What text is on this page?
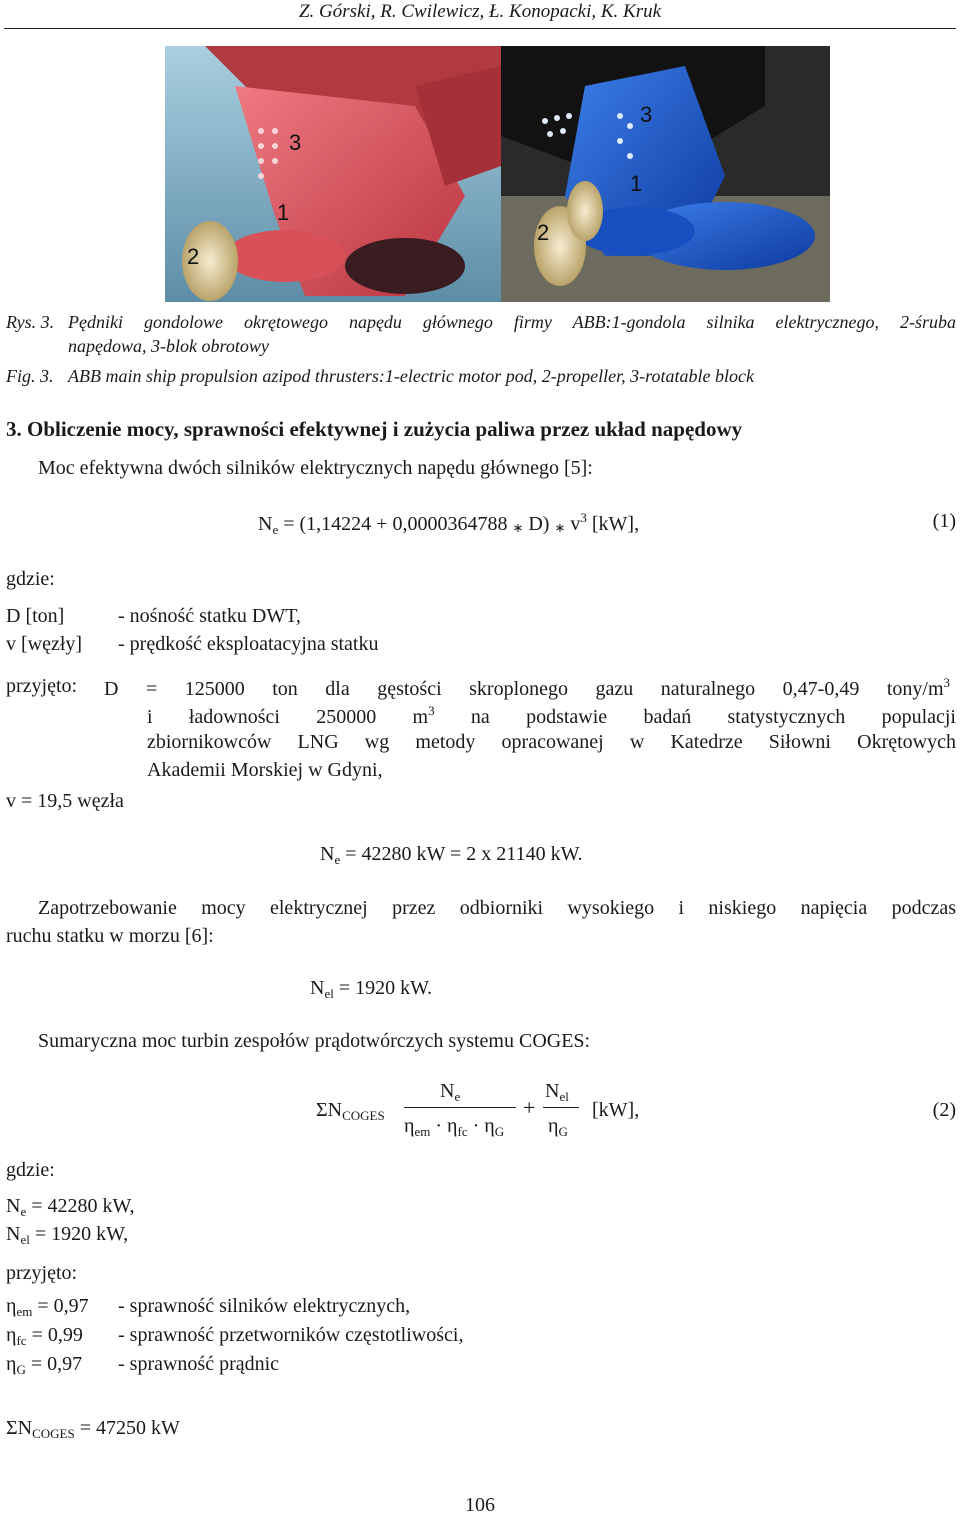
Z. Górski, R. Cwilewicz, Ł. Konopacki, K. Kruk
3
1
2
3
1
2
Rys. 3. Pędniki gondolowe okrętowego napędu głównego firmy ABB:1-gondola silnika elektrycznego, 2-śruba
napędowa, 3-blok obrotowy
Fig. 3. ABB main ship propulsion azipod thrusters:1-electric motor pod, 2-propeller, 3-rotatable block
3. Obliczenie mocy, sprawności efektywnej i zużycia paliwa przez układ napędowy
Moc efektywna dwóch silników elektrycznych napędu głównego [5]:
$N_e = (1,14224 + 0,0000364788$ ∗ D) ∗ $v^3$ [kW],	(1)
gdzie:
D [ton]	- nośność statku DWT,
v [węzły] - prędkość eksploatacyjna statku
przyjęto: D = 125000 ton dla gęstości skroplonego gazu naturalnego 0,47-0,49 tony/$m^3$
i ładowności 250000 $m^3$ na podstawie badań statystycznych populacji
zbiornikowców LNG wg metody opracowanej w Katedrze Siłowni Okrętowych
Akademii Morskiej w Gdyni,
v = 19,5 węzła
$N_e = 42280$ kW = 2 x 21140 kW.
Zapotrzebowanie mocy elektrycznej przez odbiorniki wysokiego i niskiego napięcia podczas
ruchu statku w morzu [6]:
$N_{el} = 1920$ kW.
Sumaryczna moc turbin zespołów prądotwórczych systemu COGES:
$\Sigma N_{COGES}$
$N_e$
$\eta_{em} \cdot \eta_{fc} \cdot \eta_G$
+
$N_{el}$
$\eta_G$
[kW],	(2)
gdzie:
$N_e = 42280$ kW,
$N_{el} = 1920$ kW,
przyjęto:
$\eta_{em} = 0,97$ - sprawność silników elektrycznych,
$\eta_{fc} = 0,99$ - sprawność przetworników częstotliwości,
$\eta_G = 0,97$ - sprawność prądnic
$\Sigma N_{COGES} = 47250$ kW
106
